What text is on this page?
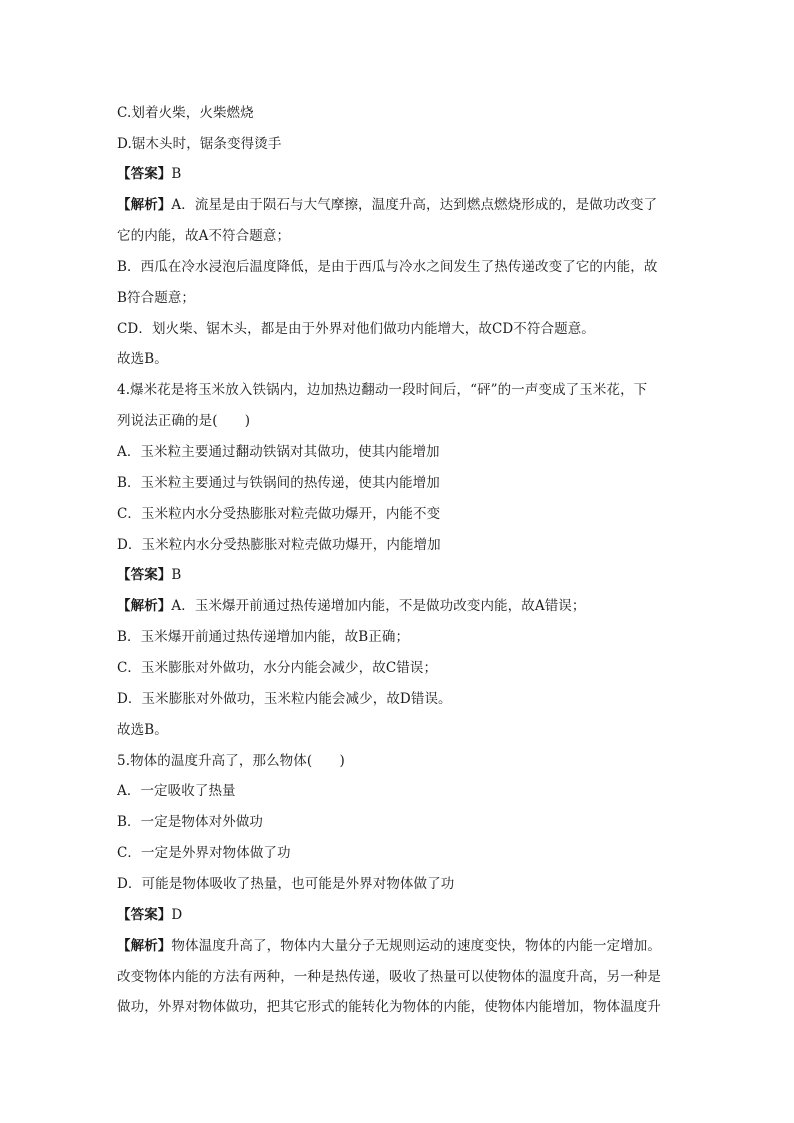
C.划着火柴，火柴燃烧
D.锯木头时，锯条变得烫手
【答案】B
【解析】A．流星是由于陨石与大气摩擦，温度升高，达到燃点燃烧形成的，是做功改变了
它的内能，故A不符合题意；
B．西瓜在冷水浸泡后温度降低，是由于西瓜与冷水之间发生了热传递改变了它的内能，故
B符合题意；
CD．划火柴、锯木头，都是由于外界对他们做功内能增大，故CD不符合题意。
故选B。
4.爆米花是将玉米放入铁锅内，边加热边翻动一段时间后，“砰”的一声变成了玉米花，下
列说法正确的是(　　)
A．玉米粒主要通过翻动铁锅对其做功，使其内能增加
B．玉米粒主要通过与铁锅间的热传递，使其内能增加
C．玉米粒内水分受热膨胀对粒壳做功爆开，内能不变
D．玉米粒内水分受热膨胀对粒壳做功爆开，内能增加
【答案】B
【解析】A．玉米爆开前通过热传递增加内能，不是做功改变内能，故A错误；
B．玉米爆开前通过热传递增加内能，故B正确；
C．玉米膨胀对外做功，水分内能会减少，故C错误；
D．玉米膨胀对外做功，玉米粒内能会减少，故D错误。
故选B。
5.物体的温度升高了，那么物体(　　)
A．一定吸收了热量
B．一定是物体对外做功
C．一定是外界对物体做了功
D．可能是物体吸收了热量，也可能是外界对物体做了功
【答案】D
【解析】物体温度升高了，物体内大量分子无规则运动的速度变快，物体的内能一定增加。
改变物体内能的方法有两种，一种是热传递，吸收了热量可以使物体的温度升高，另一种是
做功，外界对物体做功，把其它形式的能转化为物体的内能，使物体内能增加，物体温度升
